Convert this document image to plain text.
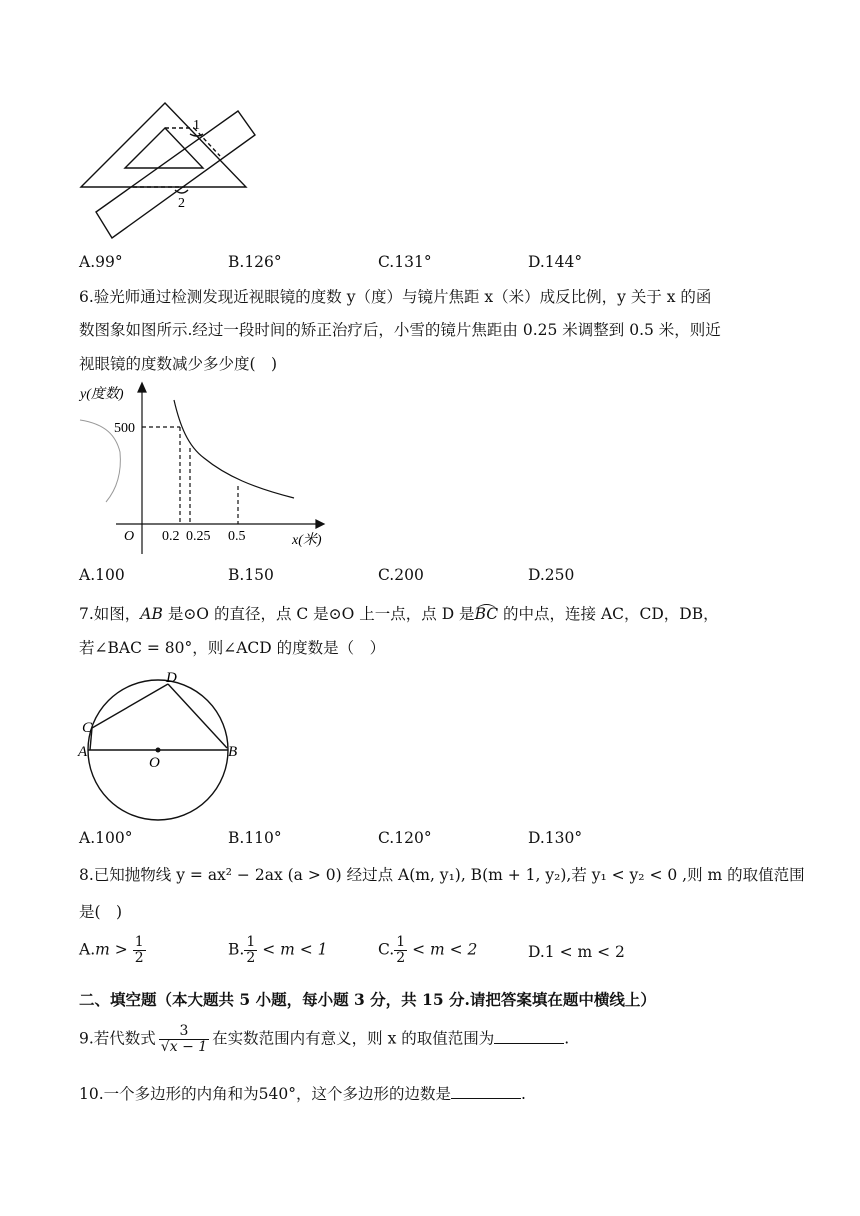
1
2
A.99°	B.126°	C.131°	D.144°
6.验光师通过检测发现近视眼镜的度数 y（度）与镜片焦距 x（米）成反比例，y 关于 x 的函
数图象如图所示.经过一段时间的矫正治疗后，小雪的镜片焦距由 0.25 米调整到 0.5 米，则近
视眼镜的度数减少多少度(　)
y(度数)
500
O 0.2 0.25 0.5	x(米)
A.100	B.150	C.200	D.250
7.如图，AB 是⊙O 的直径，点 C 是⊙O 上一点，点 D 是BC 的中点，连接 AC，CD，DB，
若∠BAC = 80°，则∠ACD 的度数是（　）
A	B
C
D
O
A.100°	B.110°	C.120°	D.130°
8.已知抛物线 y = ax² − 2ax (a > 0) 经过点 A(m, y₁), B(m + 1, y₂),若 y₁ < y₂ < 0 ,则 m 的取值范围
是(　)
$A.m > \frac{1}{2}$	B. $\frac{1}{2} < m < 1$	C. $\frac{1}{2} < m < 2$	D.1 < m < 2
二、填空题（本大题共 5 小题，每小题 3 分，共 15 分.请把答案填在题中横线上）
9.若代数式 $\frac{3}{√x - 1}$ 在实数范围内有意义，则 x 的取值范围为	.
10.一个多边形的内角和为540°，这个多边形的边数是	.
